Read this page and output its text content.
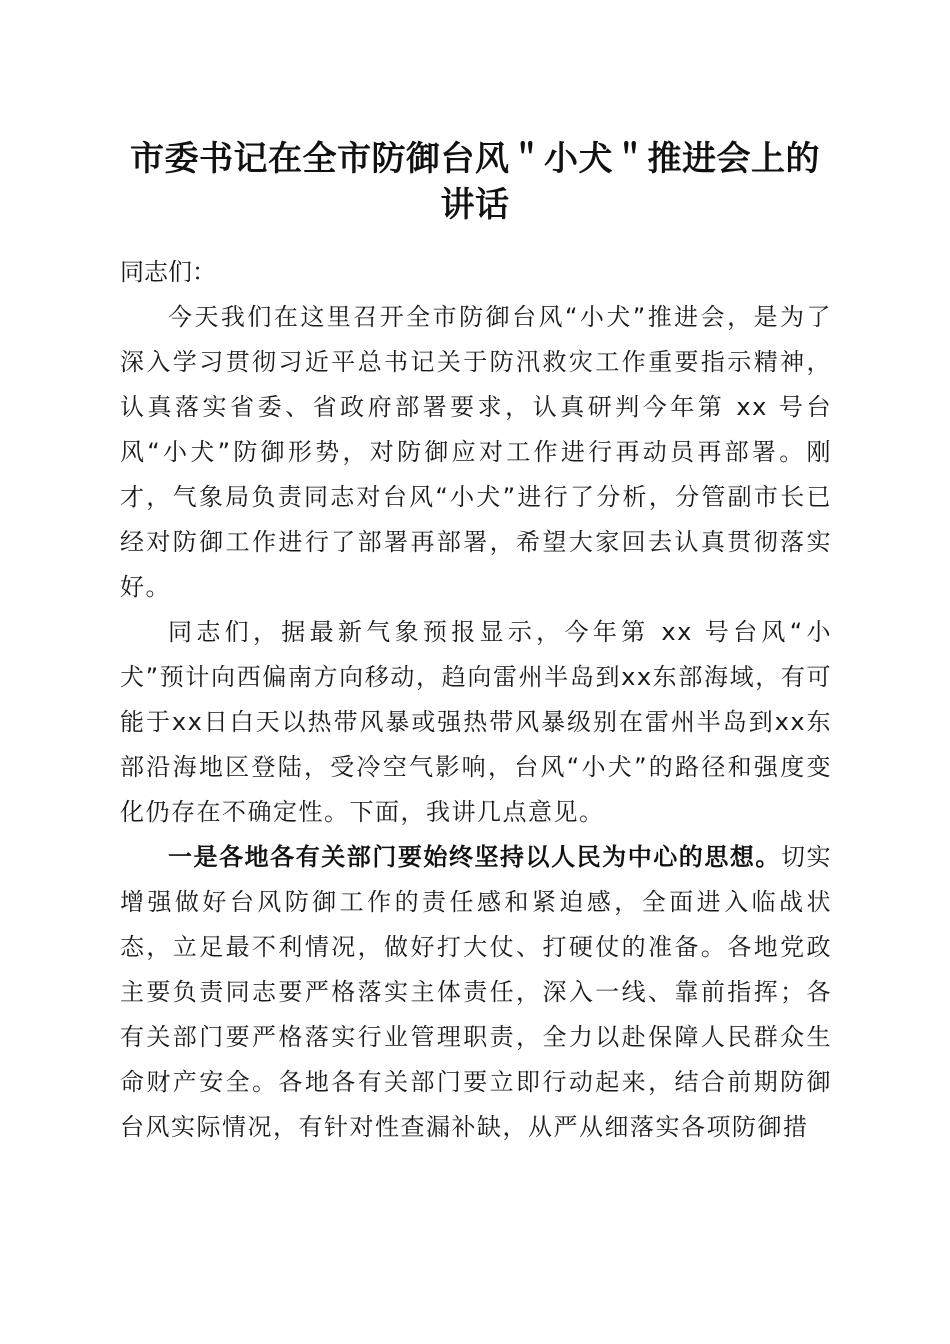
市委书记在全市防御台风＂小犬＂推进会上的
讲话

同志们：

今天我们在这里召开全市防御台风“小犬”推进会，是为了深入学习贯彻习近平总书记关于防汛救灾工作重要指示精神，认真落实省委、省政府部署要求，认真研判今年第 xx 号台风“小犬”防御形势，对防御应对工作进行再动员再部署。刚才，气象局负责同志对台风“小犬”进行了分析，分管副市长已经对防御工作进行了部署再部署，希望大家回去认真贯彻落实好。

同志们，据最新气象预报显示，今年第 xx 号台风“小犬”预计向西偏南方向移动，趋向雷州半岛到xx东部海域，有可能于xx日白天以热带风暴或强热带风暴级别在雷州半岛到xx东部沿海地区登陆，受冷空气影响，台风“小犬”的路径和强度变化仍存在不确定性。下面，我讲几点意见。

一是各地各有关部门要始终坚持以人民为中心的思想。切实增强做好台风防御工作的责任感和紧迫感，全面进入临战状态，立足最不利情况，做好打大仗、打硬仗的准备。各地党政主要负责同志要严格落实主体责任，深入一线、靠前指挥；各有关部门要严格落实行业管理职责，全力以赴保障人民群众生命财产安全。各地各有关部门要立即行动起来，结合前期防御台风实际情况，有针对性查漏补缺，从严从细落实各项防御措
